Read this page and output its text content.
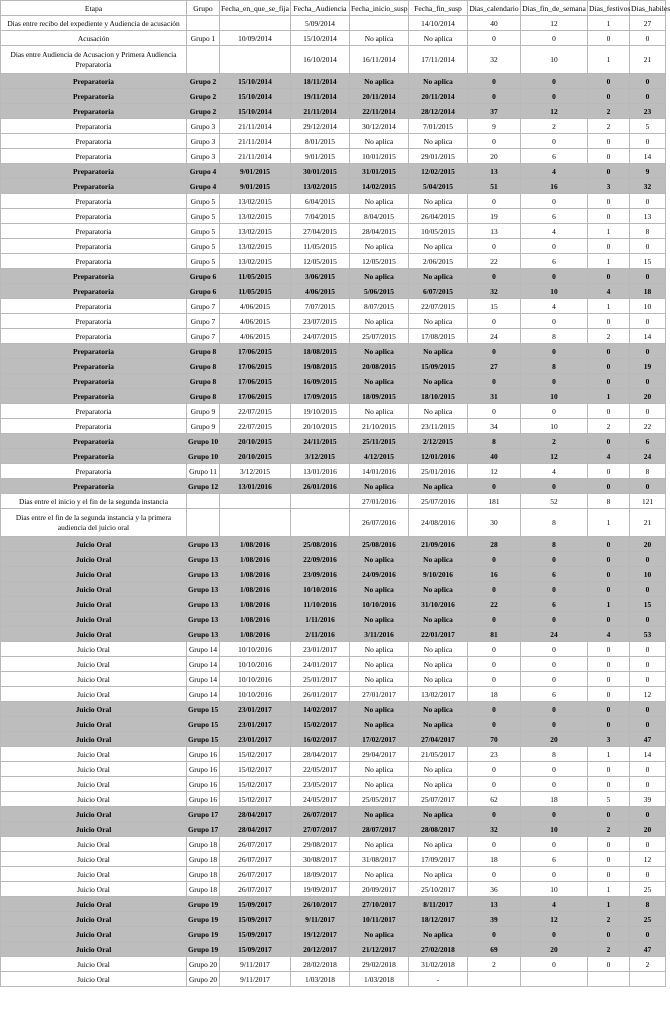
Etapa	Grupo	Fecha_en_que_se_fija	Fecha_Audiencia	Fecha_inicio_susp	Fecha_fin_susp	Dias_calendario	Dias_fin_de_semana	Dias_festivos	Dias_habiles
Dias entre recibo del expediente y Audiencia de acusación			5/09/2014		14/10/2014	40	12	1	27
Acusación	Grupo 1	10/09/2014	15/10/2014	No aplica	No aplica	0	0	0	0
Dias entre Audiencia de Acusacion y Primera Audiencia Preparatoria			16/10/2014	16/11/2014	17/11/2014	32	10	1	21
Preparatoria	Grupo 2	15/10/2014	18/11/2014	No aplica	No aplica	0	0	0	0
Preparatoria	Grupo 2	15/10/2014	19/11/2014	20/11/2014	20/11/2014	0	0	0	0
Preparatoria	Grupo 2	15/10/2014	21/11/2014	22/11/2014	28/12/2014	37	12	2	23
Preparatoria	Grupo 3	21/11/2014	29/12/2014	30/12/2014	7/01/2015	9	2	2	5
Preparatoria	Grupo 3	21/11/2014	8/01/2015	No aplica	No aplica	0	0	0	0
Preparatoria	Grupo 3	21/11/2014	9/01/2015	10/01/2015	29/01/2015	20	6	0	14
Preparatoria	Grupo 4	9/01/2015	30/01/2015	31/01/2015	12/02/2015	13	4	0	9
Preparatoria	Grupo 4	9/01/2015	13/02/2015	14/02/2015	5/04/2015	51	16	3	32
Preparatoria	Grupo 5	13/02/2015	6/04/2015	No aplica	No aplica	0	0	0	0
Preparatoria	Grupo 5	13/02/2015	7/04/2015	8/04/2015	26/04/2015	19	6	0	13
Preparatoria	Grupo 5	13/02/2015	27/04/2015	28/04/2015	10/05/2015	13	4	1	8
Preparatoria	Grupo 5	13/02/2015	11/05/2015	No aplica	No aplica	0	0	0	0
Preparatoria	Grupo 5	13/02/2015	12/05/2015	12/05/2015	2/06/2015	22	6	1	15
Preparatoria	Grupo 6	11/05/2015	3/06/2015	No aplica	No aplica	0	0	0	0
Preparatoria	Grupo 6	11/05/2015	4/06/2015	5/06/2015	6/07/2015	32	10	4	18
Preparatoria	Grupo 7	4/06/2015	7/07/2015	8/07/2015	22/07/2015	15	4	1	10
Preparatoria	Grupo 7	4/06/2015	23/07/2015	No aplica	No aplica	0	0	0	0
Preparatoria	Grupo 7	4/06/2015	24/07/2015	25/07/2015	17/08/2015	24	8	2	14
Preparatoria	Grupo 8	17/06/2015	18/08/2015	No aplica	No aplica	0	0	0	0
Preparatoria	Grupo 8	17/06/2015	19/08/2015	20/08/2015	15/09/2015	27	8	0	19
Preparatoria	Grupo 8	17/06/2015	16/09/2015	No aplica	No aplica	0	0	0	0
Preparatoria	Grupo 8	17/06/2015	17/09/2015	18/09/2015	18/10/2015	31	10	1	20
Preparatoria	Grupo 9	22/07/2015	19/10/2015	No aplica	No aplica	0	0	0	0
Preparatoria	Grupo 9	22/07/2015	20/10/2015	21/10/2015	23/11/2015	34	10	2	22
Preparatoria	Grupo 10	20/10/2015	24/11/2015	25/11/2015	2/12/2015	8	2	0	6
Preparatoria	Grupo 10	20/10/2015	3/12/2015	4/12/2015	12/01/2016	40	12	4	24
Preparatoria	Grupo 11	3/12/2015	13/01/2016	14/01/2016	25/01/2016	12	4	0	8
Preparatoria	Grupo 12	13/01/2016	26/01/2016	No aplica	No aplica	0	0	0	0
Dias entre el inicio y el fin de la segunda instancia				27/01/2016	25/07/2016	181	52	8	121
Dias entre el fin de la segunda instancia y la primera audiencia del juicio oral				26/07/2016	24/08/2016	30	8	1	21
Juicio Oral	Grupo 13	1/08/2016	25/08/2016	25/08/2016	21/09/2016	28	8	0	20
Juicio Oral	Grupo 13	1/08/2016	22/09/2016	No aplica	No aplica	0	0	0	0
Juicio Oral	Grupo 13	1/08/2016	23/09/2016	24/09/2016	9/10/2016	16	6	0	10
Juicio Oral	Grupo 13	1/08/2016	10/10/2016	No aplica	No aplica	0	0	0	0
Juicio Oral	Grupo 13	1/08/2016	11/10/2016	10/10/2016	31/10/2016	22	6	1	15
Juicio Oral	Grupo 13	1/08/2016	1/11/2016	No aplica	No aplica	0	0	0	0
Juicio Oral	Grupo 13	1/08/2016	2/11/2016	3/11/2016	22/01/2017	81	24	4	53
Juicio Oral	Grupo 14	10/10/2016	23/01/2017	No aplica	No aplica	0	0	0	0
Juicio Oral	Grupo 14	10/10/2016	24/01/2017	No aplica	No aplica	0	0	0	0
Juicio Oral	Grupo 14	10/10/2016	25/01/2017	No aplica	No aplica	0	0	0	0
Juicio Oral	Grupo 14	10/10/2016	26/01/2017	27/01/2017	13/02/2017	18	6	0	12
Juicio Oral	Grupo 15	23/01/2017	14/02/2017	No aplica	No aplica	0	0	0	0
Juicio Oral	Grupo 15	23/01/2017	15/02/2017	No aplica	No aplica	0	0	0	0
Juicio Oral	Grupo 15	23/01/2017	16/02/2017	17/02/2017	27/04/2017	70	20	3	47
Juicio Oral	Grupo 16	15/02/2017	28/04/2017	29/04/2017	21/05/2017	23	8	1	14
Juicio Oral	Grupo 16	15/02/2017	22/05/2017	No aplica	No aplica	0	0	0	0
Juicio Oral	Grupo 16	15/02/2017	23/05/2017	No aplica	No aplica	0	0	0	0
Juicio Oral	Grupo 16	15/02/2017	24/05/2017	25/05/2017	25/07/2017	62	18	5	39
Juicio Oral	Grupo 17	28/04/2017	26/07/2017	No aplica	No aplica	0	0	0	0
Juicio Oral	Grupo 17	28/04/2017	27/07/2017	28/07/2017	28/08/2017	32	10	2	20
Juicio Oral	Grupo 18	26/07/2017	29/08/2017	No aplica	No aplica	0	0	0	0
Juicio Oral	Grupo 18	26/07/2017	30/08/2017	31/08/2017	17/09/2017	18	6	0	12
Juicio Oral	Grupo 18	26/07/2017	18/09/2017	No aplica	No aplica	0	0	0	0
Juicio Oral	Grupo 18	26/07/2017	19/09/2017	20/09/2017	25/10/2017	36	10	1	25
Juicio Oral	Grupo 19	15/09/2017	26/10/2017	27/10/2017	8/11/2017	13	4	1	8
Juicio Oral	Grupo 19	15/09/2017	9/11/2017	10/11/2017	18/12/2017	39	12	2	25
Juicio Oral	Grupo 19	15/09/2017	19/12/2017	No aplica	No aplica	0	0	0	0
Juicio Oral	Grupo 19	15/09/2017	20/12/2017	21/12/2017	27/02/2018	69	20	2	47
Juicio Oral	Grupo 20	9/11/2017	28/02/2018	29/02/2018	31/02/2018	2	0	0	2
Juicio Oral	Grupo 20	9/11/2017	1/03/2018	1/03/2018	-				
